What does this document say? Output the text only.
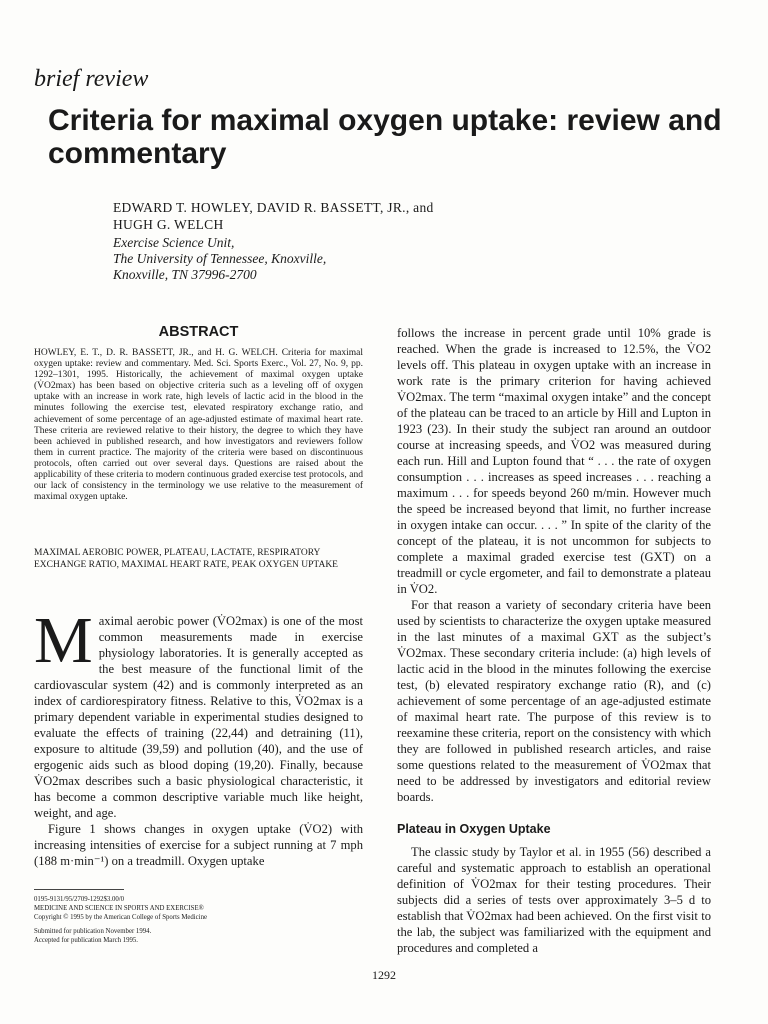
brief review
Criteria for maximal oxygen uptake: review and commentary
EDWARD T. HOWLEY, DAVID R. BASSETT, JR., and
HUGH G. WELCH
Exercise Science Unit,
The University of Tennessee, Knoxville,
Knoxville, TN 37996-2700
ABSTRACT
HOWLEY, E. T., D. R. BASSETT, JR., and H. G. WELCH. Criteria for maximal oxygen uptake: review and commentary. Med. Sci. Sports Exerc., Vol. 27, No. 9, pp. 1292–1301, 1995. Historically, the achievement of maximal oxygen uptake (V̇O2max) has been based on objective criteria such as a leveling off of oxygen uptake with an increase in work rate, high levels of lactic acid in the blood in the minutes following the exercise test, elevated respiratory exchange ratio, and achievement of some percentage of an age-adjusted estimate of maximal heart rate. These criteria are reviewed relative to their history, the degree to which they have been achieved in published research, and how investigators and reviewers follow them in current practice. The majority of the criteria were based on discontinuous protocols, often carried out over several days. Questions are raised about the applicability of these criteria to modern continuous graded exercise test protocols, and our lack of consistency in the terminology we use relative to the measurement of maximal oxygen uptake.
MAXIMAL AEROBIC POWER, PLATEAU, LACTATE, RESPIRATORY EXCHANGE RATIO, MAXIMAL HEART RATE, PEAK OXYGEN UPTAKE
M aximal aerobic power (V̇O2max) is one of the most common measurements made in exercise physiology laboratories. It is generally accepted as the best measure of the functional limit of the cardiovascular system (42) and is commonly interpreted as an index of cardiorespiratory fitness. Relative to this, V̇O2max is a primary dependent variable in experimental studies designed to evaluate the effects of training (22,44) and detraining (11), exposure to altitude (39,59) and pollution (40), and the use of ergogenic aids such as blood doping (19,20). Finally, because V̇O2max describes such a basic physiological characteristic, it has become a common descriptive variable much like height, weight, and age.

Figure 1 shows changes in oxygen uptake (V̇O2) with increasing intensities of exercise for a subject running at 7 mph (188 m·min⁻¹) on a treadmill. Oxygen uptake

0195-9131/95/2709-1292$3.00/0
MEDICINE AND SCIENCE IN SPORTS AND EXERCISE®
Copyright © 1995 by the American College of Sports Medicine
Submitted for publication November 1994.
Accepted for publication March 1995.

follows the increase in percent grade until 10% grade is reached. When the grade is increased to 12.5%, the V̇O2 levels off. This plateau in oxygen uptake with an increase in work rate is the primary criterion for having achieved V̇O2max. The term “maximal oxygen intake” and the concept of the plateau can be traced to an article by Hill and Lupton in 1923 (23). In their study the subject ran around an outdoor course at increasing speeds, and V̇O2 was measured during each run. Hill and Lupton found that “ . . . the rate of oxygen consumption . . . increases as speed increases . . . reaching a maximum . . . for speeds beyond 260 m/min. However much the speed be increased beyond that limit, no further increase in oxygen intake can occur. . . . ” In spite of the clarity of the concept of the plateau, it is not uncommon for subjects to complete a maximal graded exercise test (GXT) on a treadmill or cycle ergometer, and fail to demonstrate a plateau in V̇O2.

For that reason a variety of secondary criteria have been used by scientists to characterize the oxygen uptake measured in the last minutes of a maximal GXT as the subject’s V̇O2max. These secondary criteria include: (a) high levels of lactic acid in the blood in the minutes following the exercise test, (b) elevated respiratory exchange ratio (R), and (c) achievement of some percentage of an age-adjusted estimate of maximal heart rate. The purpose of this review is to reexamine these criteria, report on the consistency with which they are followed in published research articles, and raise some questions related to the measurement of V̇O2max that need to be addressed by investigators and editorial review boards.

Plateau in Oxygen Uptake

The classic study by Taylor et al. in 1955 (56) described a careful and systematic approach to establish an operational definition of V̇O2max for their testing procedures. Their subjects did a series of tests over approximately 3–5 d to establish that V̇O2max had been achieved. On the first visit to the lab, the subject was familiarized with the equipment and procedures and completed a

1292
